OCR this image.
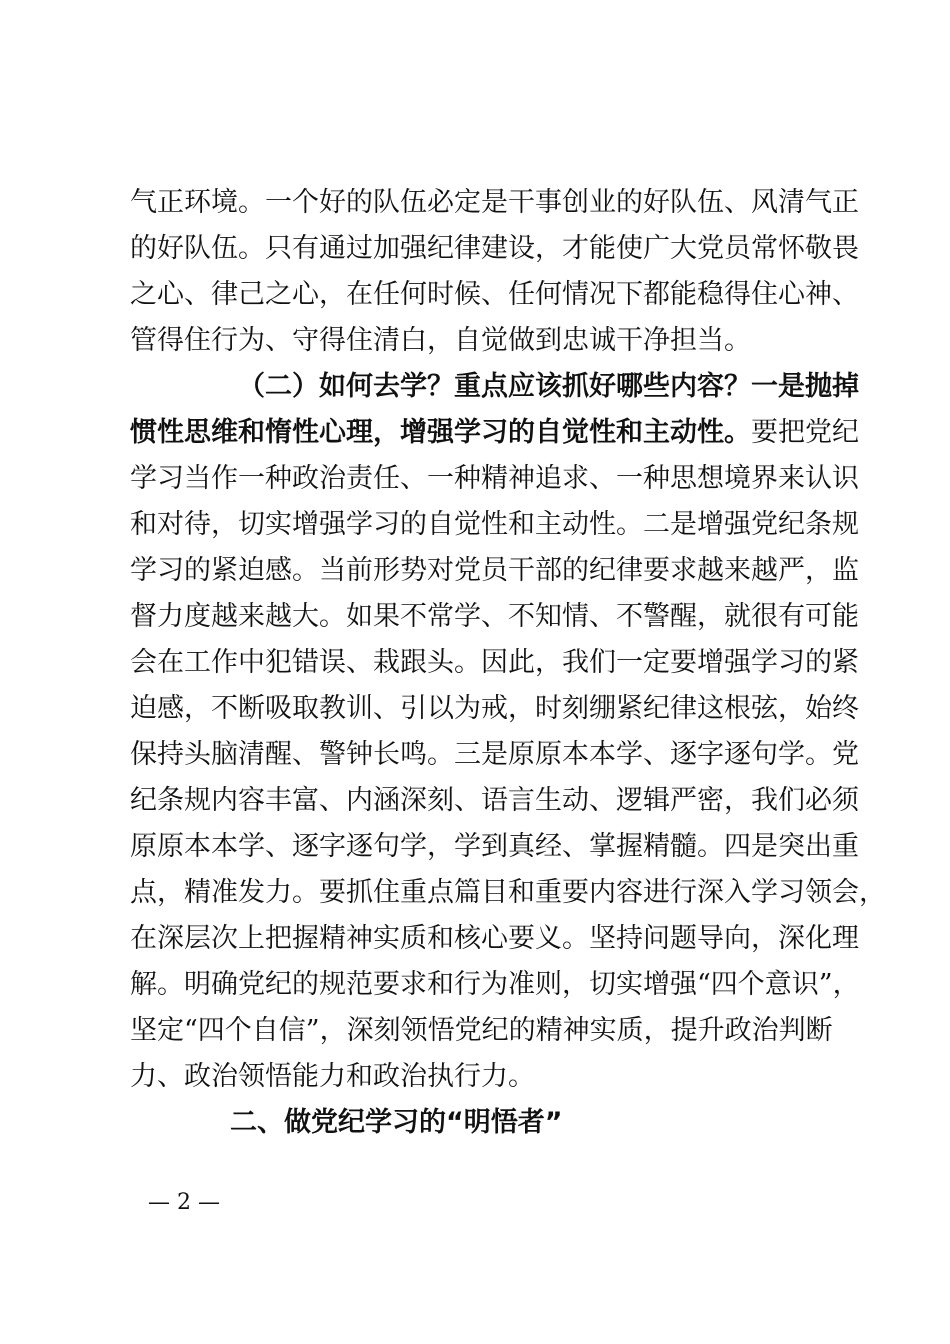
气正环境。一个好的队伍必定是干事创业的好队伍、风清气正
的好队伍。只有通过加强纪律建设，才能使广大党员常怀敬畏
之心、律己之心，在任何时候、任何情况下都能稳得住心神、
管得住行为、守得住清白，自觉做到忠诚干净担当。
（二）如何去学？重点应该抓好哪些内容？一是抛掉
惯性思维和惰性心理，增强学习的自觉性和主动性。要把党纪
学习当作一种政治责任、一种精神追求、一种思想境界来认识
和对待，切实增强学习的自觉性和主动性。二是增强党纪条规
学习的紧迫感。当前形势对党员干部的纪律要求越来越严，监
督力度越来越大。如果不常学、不知情、不警醒，就很有可能
会在工作中犯错误、栽跟头。因此，我们一定要增强学习的紧
迫感，不断吸取教训、引以为戒，时刻绷紧纪律这根弦，始终
保持头脑清醒、警钟长鸣。三是原原本本学、逐字逐句学。党
纪条规内容丰富、内涵深刻、语言生动、逻辑严密，我们必须
原原本本学、逐字逐句学，学到真经、掌握精髓。四是突出重
点，精准发力。要抓住重点篇目和重要内容进行深入学习领会，
在深层次上把握精神实质和核心要义。坚持问题导向，深化理
解。明确党纪的规范要求和行为准则，切实增强“四个意识”，
坚定“四个自信”，深刻领悟党纪的精神实质，提升政治判断
力、政治领悟能力和政治执行力。
二、做党纪学习的“明悟者”
— 2 —
